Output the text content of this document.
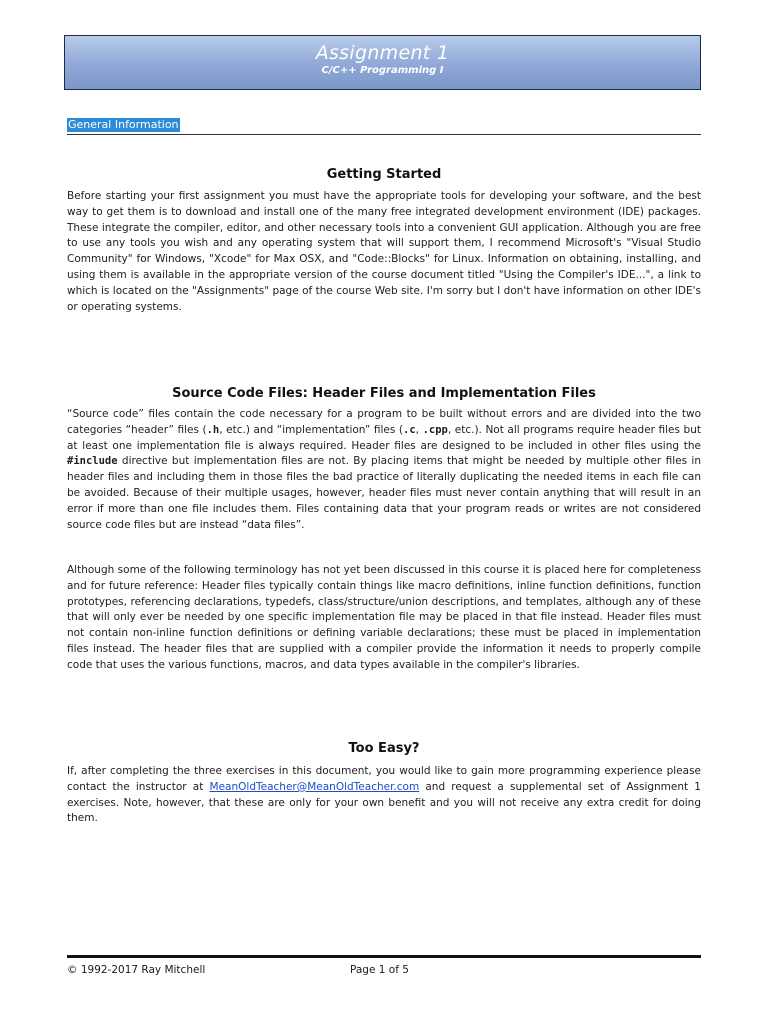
Assignment 1
C/C++ Programming I
General Information
Getting Started

Before starting your first assignment you must have the appropriate tools for developing your software, and the best way to get them is to download and install one of the many free integrated development environment (IDE) packages. These integrate the compiler, editor, and other necessary tools into a convenient GUI application. Although you are free to use any tools you wish and any operating system that will support them, I recommend Microsoft's "Visual Studio Community" for Windows, "Xcode" for Max OSX, and "Code::Blocks" for Linux. Information on obtaining, installing, and using them is available in the appropriate version of the course document titled "Using the Compiler's IDE...", a link to which is located on the "Assignments" page of the course Web site. I'm sorry but I don't have information on other IDE's or operating systems.

Source Code Files: Header Files and Implementation Files

“Source code” files contain the code necessary for a program to be built without errors and are divided into the two categories “header” files (.h, etc.) and “implementation” files (.c, .cpp, etc.). Not all programs require header files but at least one implementation file is always required. Header files are designed to be included in other files using the #include directive but implementation files are not. By placing items that might be needed by multiple other files in header files and including them in those files the bad practice of literally duplicating the needed items in each file can be avoided. Because of their multiple usages, however, header files must never contain anything that will result in an error if more than one file includes them. Files containing data that your program reads or writes are not considered source code files but are instead “data files”.

Although some of the following terminology has not yet been discussed in this course it is placed here for completeness and for future reference: Header files typically contain things like macro definitions, inline function definitions, function prototypes, referencing declarations, typedefs, class/structure/union descriptions, and templates, although any of these that will only ever be needed by one specific implementation file may be placed in that file instead. Header files must not contain non-inline function definitions or defining variable declarations; these must be placed in implementation files instead. The header files that are supplied with a compiler provide the information it needs to properly compile code that uses the various functions, macros, and data types available in the compiler's libraries.

Too Easy?

If, after completing the three exercises in this document, you would like to gain more programming experience please contact the instructor at MeanOldTeacher@MeanOldTeacher.com and request a supplemental set of Assignment 1 exercises. Note, however, that these are only for your own benefit and you will not receive any extra credit for doing them.

© 1992-2017 Ray Mitchell	Page 1 of 5
